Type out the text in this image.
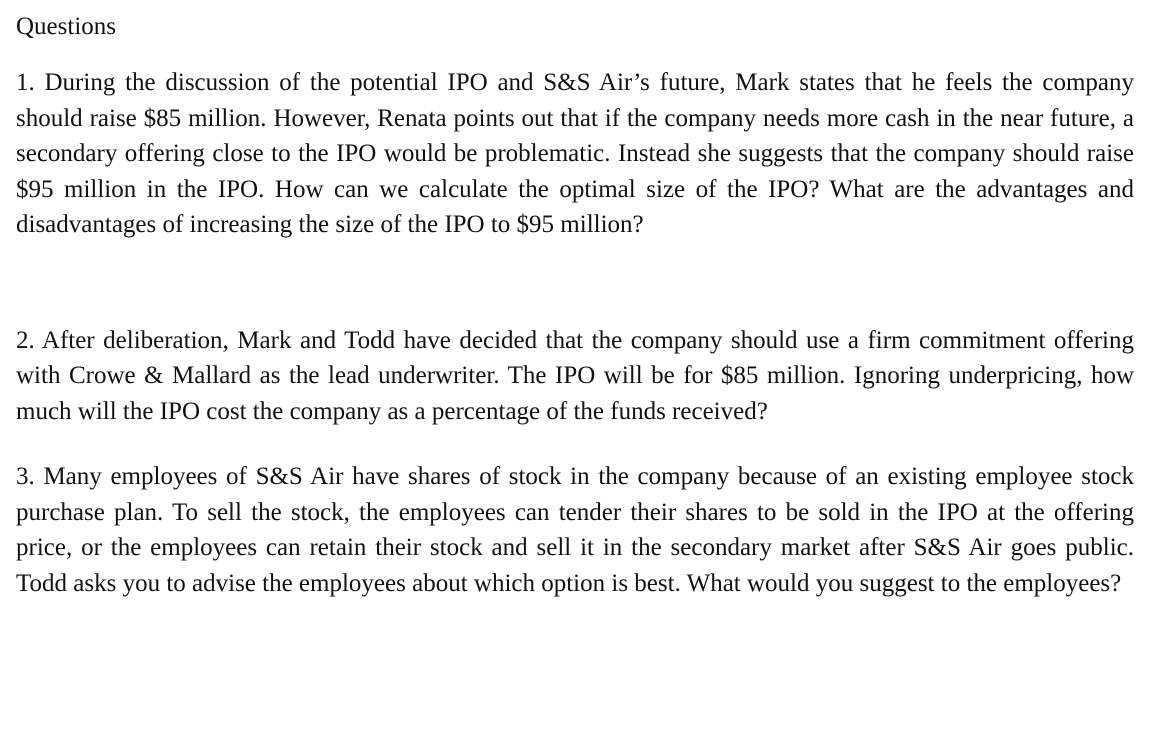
Questions

1. During the discussion of the potential IPO and S&S Air’s future, Mark states that he feels the company should raise $85 million. However, Renata points out that if the company needs more cash in the near future, a secondary offering close to the IPO would be problematic. Instead she suggests that the company should raise $95 million in the IPO. How can we calculate the optimal size of the IPO? What are the advantages and disadvantages of increasing the size of the IPO to $95 million?

2. After deliberation, Mark and Todd have decided that the company should use a firm commitment offering with Crowe & Mallard as the lead underwriter. The IPO will be for $85 million. Ignoring underpricing, how much will the IPO cost the company as a percentage of the funds received?

3. Many employees of S&S Air have shares of stock in the company because of an existing employee stock purchase plan. To sell the stock, the employees can tender their shares to be sold in the IPO at the offering price, or the employees can retain their stock and sell it in the secondary market after S&S Air goes public. Todd asks you to advise the employees about which option is best. What would you suggest to the employees?
